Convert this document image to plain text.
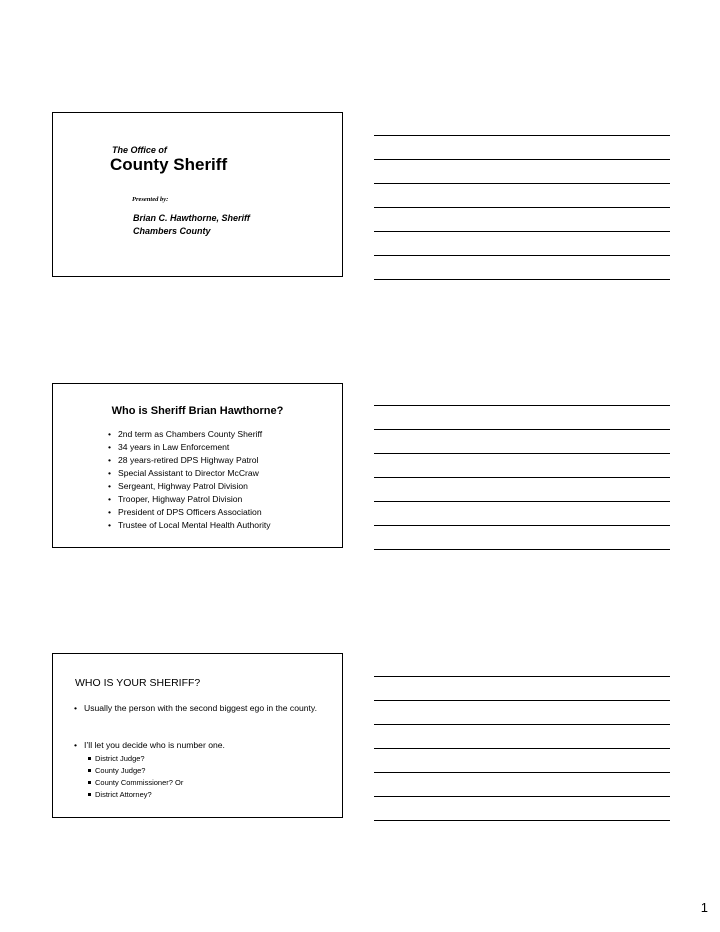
The Office of
County Sheriff
Presented by:
Brian C. Hawthorne, Sheriff
Chambers County
Who is Sheriff Brian Hawthorne?
• 2nd term as Chambers County Sheriff
• 34 years in Law Enforcement
• 28 years-retired DPS Highway Patrol
• Special Assistant to Director McCraw
• Sergeant, Highway Patrol Division
• Trooper, Highway Patrol Division
• President of DPS Officers Association
• Trustee of Local Mental Health Authority
WHO IS YOUR SHERIFF?
• Usually the person with the second biggest ego in the county.
• I’ll let you decide who is number one.
District Judge?
County Judge?
County Commissioner? Or
District Attorney?
1
